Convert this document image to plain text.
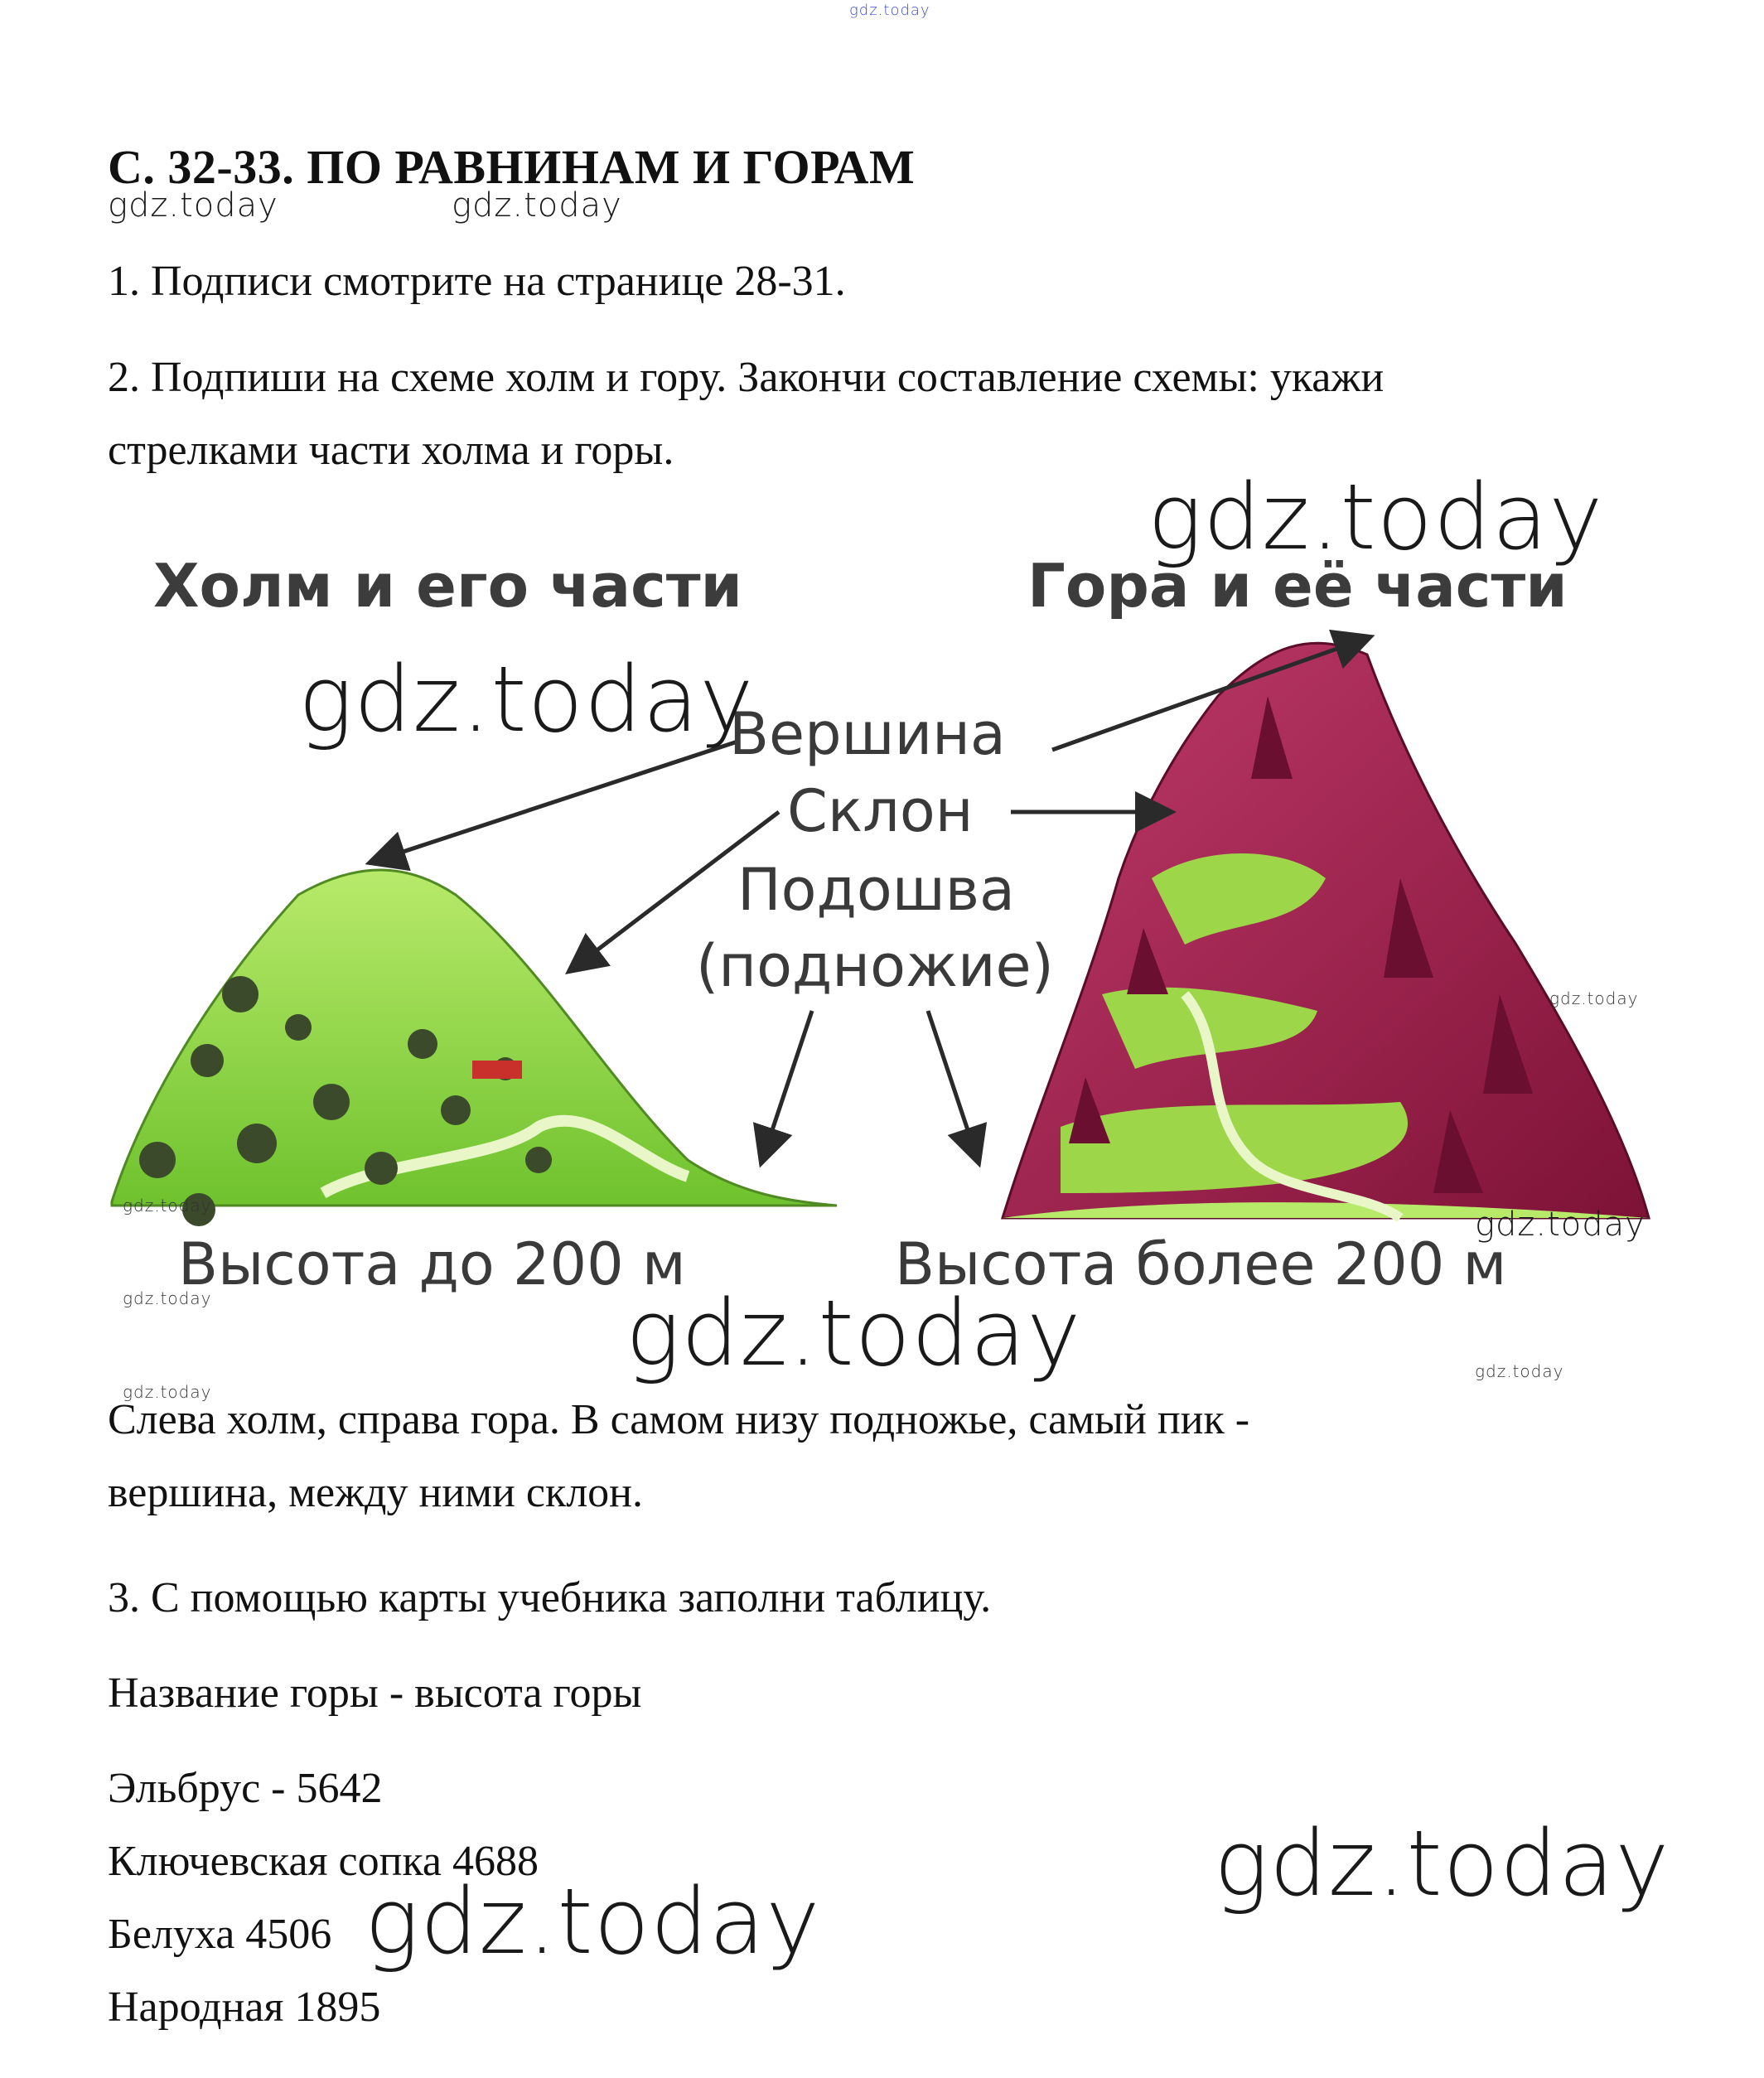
gdz.today
С. 32-33. ПО РАВНИНАМ И ГОРАМ
gdz.today	gdz.today
1. Подписи смотрите на странице 28-31.
2. Подпиши на схеме холм и гору. Закончи составление схемы: укажи
стрелками части холма и горы.
Холм и его части	Гора и её части
Вершина
Склон
Подошва
(подножие)
Высота до 200 м	Высота более 200 м
gdz.today
gdz.today
gdz.today
gdz.today	gdz.today
gdz.today	gdz.today	gdz.today
gdz.today
Слева холм, справа гора. В самом низу подножье, самый пик -
вершина, между ними склон.
3. С помощью карты учебника заполни таблицу.
Название горы - высота горы
Эльбрус - 5642
Ключевская сопка 4688
Белуха 4506
Народная 1895
gdz.today
gdz.today
